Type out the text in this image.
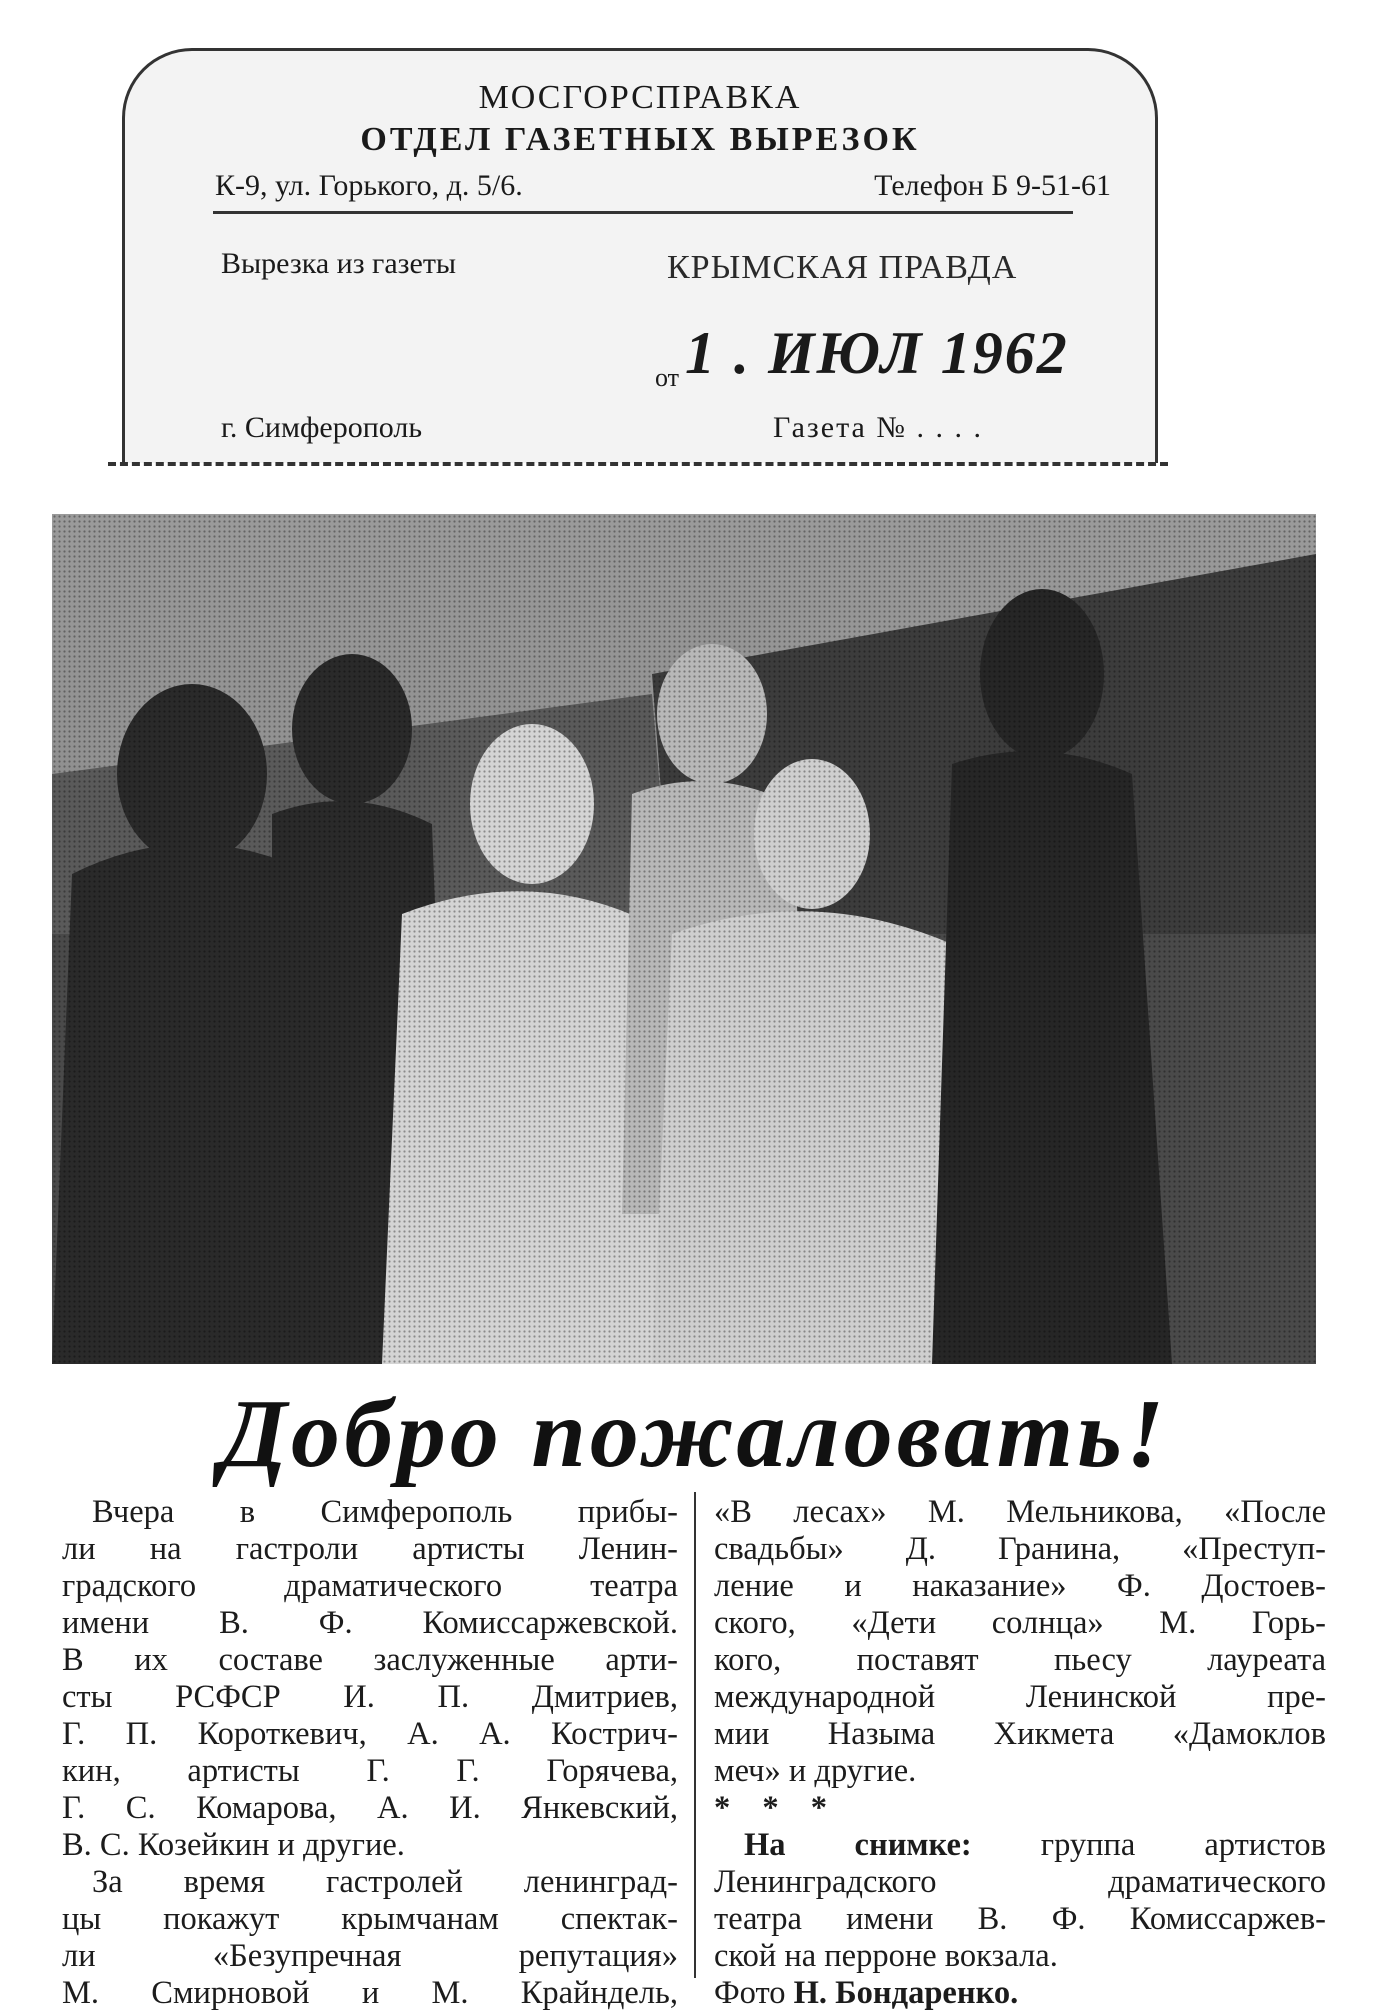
МОСГОРСПРАВКА
ОТДЕЛ ГАЗЕТНЫХ ВЫРЕЗОК
К-9, ул. Горького, д. 5/6.	Телефон Б 9-51-61
Вырезка из газеты	КРЫМСКАЯ ПРАВДА
от 1 . ИЮЛ 1962
г. Симферополь	Газета № . . . .
Добро пожаловать!
Вчера в Симферополь прибы-
ли на гастроли артисты Ленин-
градского драматического театра
имени В. Ф. Комиссаржевской.
В их составе заслуженные арти-
сты РСФСР И. П. Дмитриев,
Г. П. Короткевич, А. А. Кострич-
кин, артисты Г. Г. Горячева,
Г. С. Комарова, А. И. Янкевский,
В. С. Козейкин и другие.
За время гастролей ленинград-
цы покажут крымчанам спектак-
ли «Безупречная репутация»
М. Смирновой и М. Крайндель,
«В лесах» М. Мельникова, «После
свадьбы» Д. Гранина, «Преступ-
ление и наказание» Ф. Достоев-
ского, «Дети солнца» М. Горь-
кого, поставят пьесу лауреата
международной Ленинской пре-
мии Назыма Хикмета «Дамоклов
меч» и другие.
* * *
На снимке: группа артистов
Ленинградского драматического
театра имени В. Ф. Комиссаржев-
ской на перроне вокзала.
Фото Н. Бондаренко.
